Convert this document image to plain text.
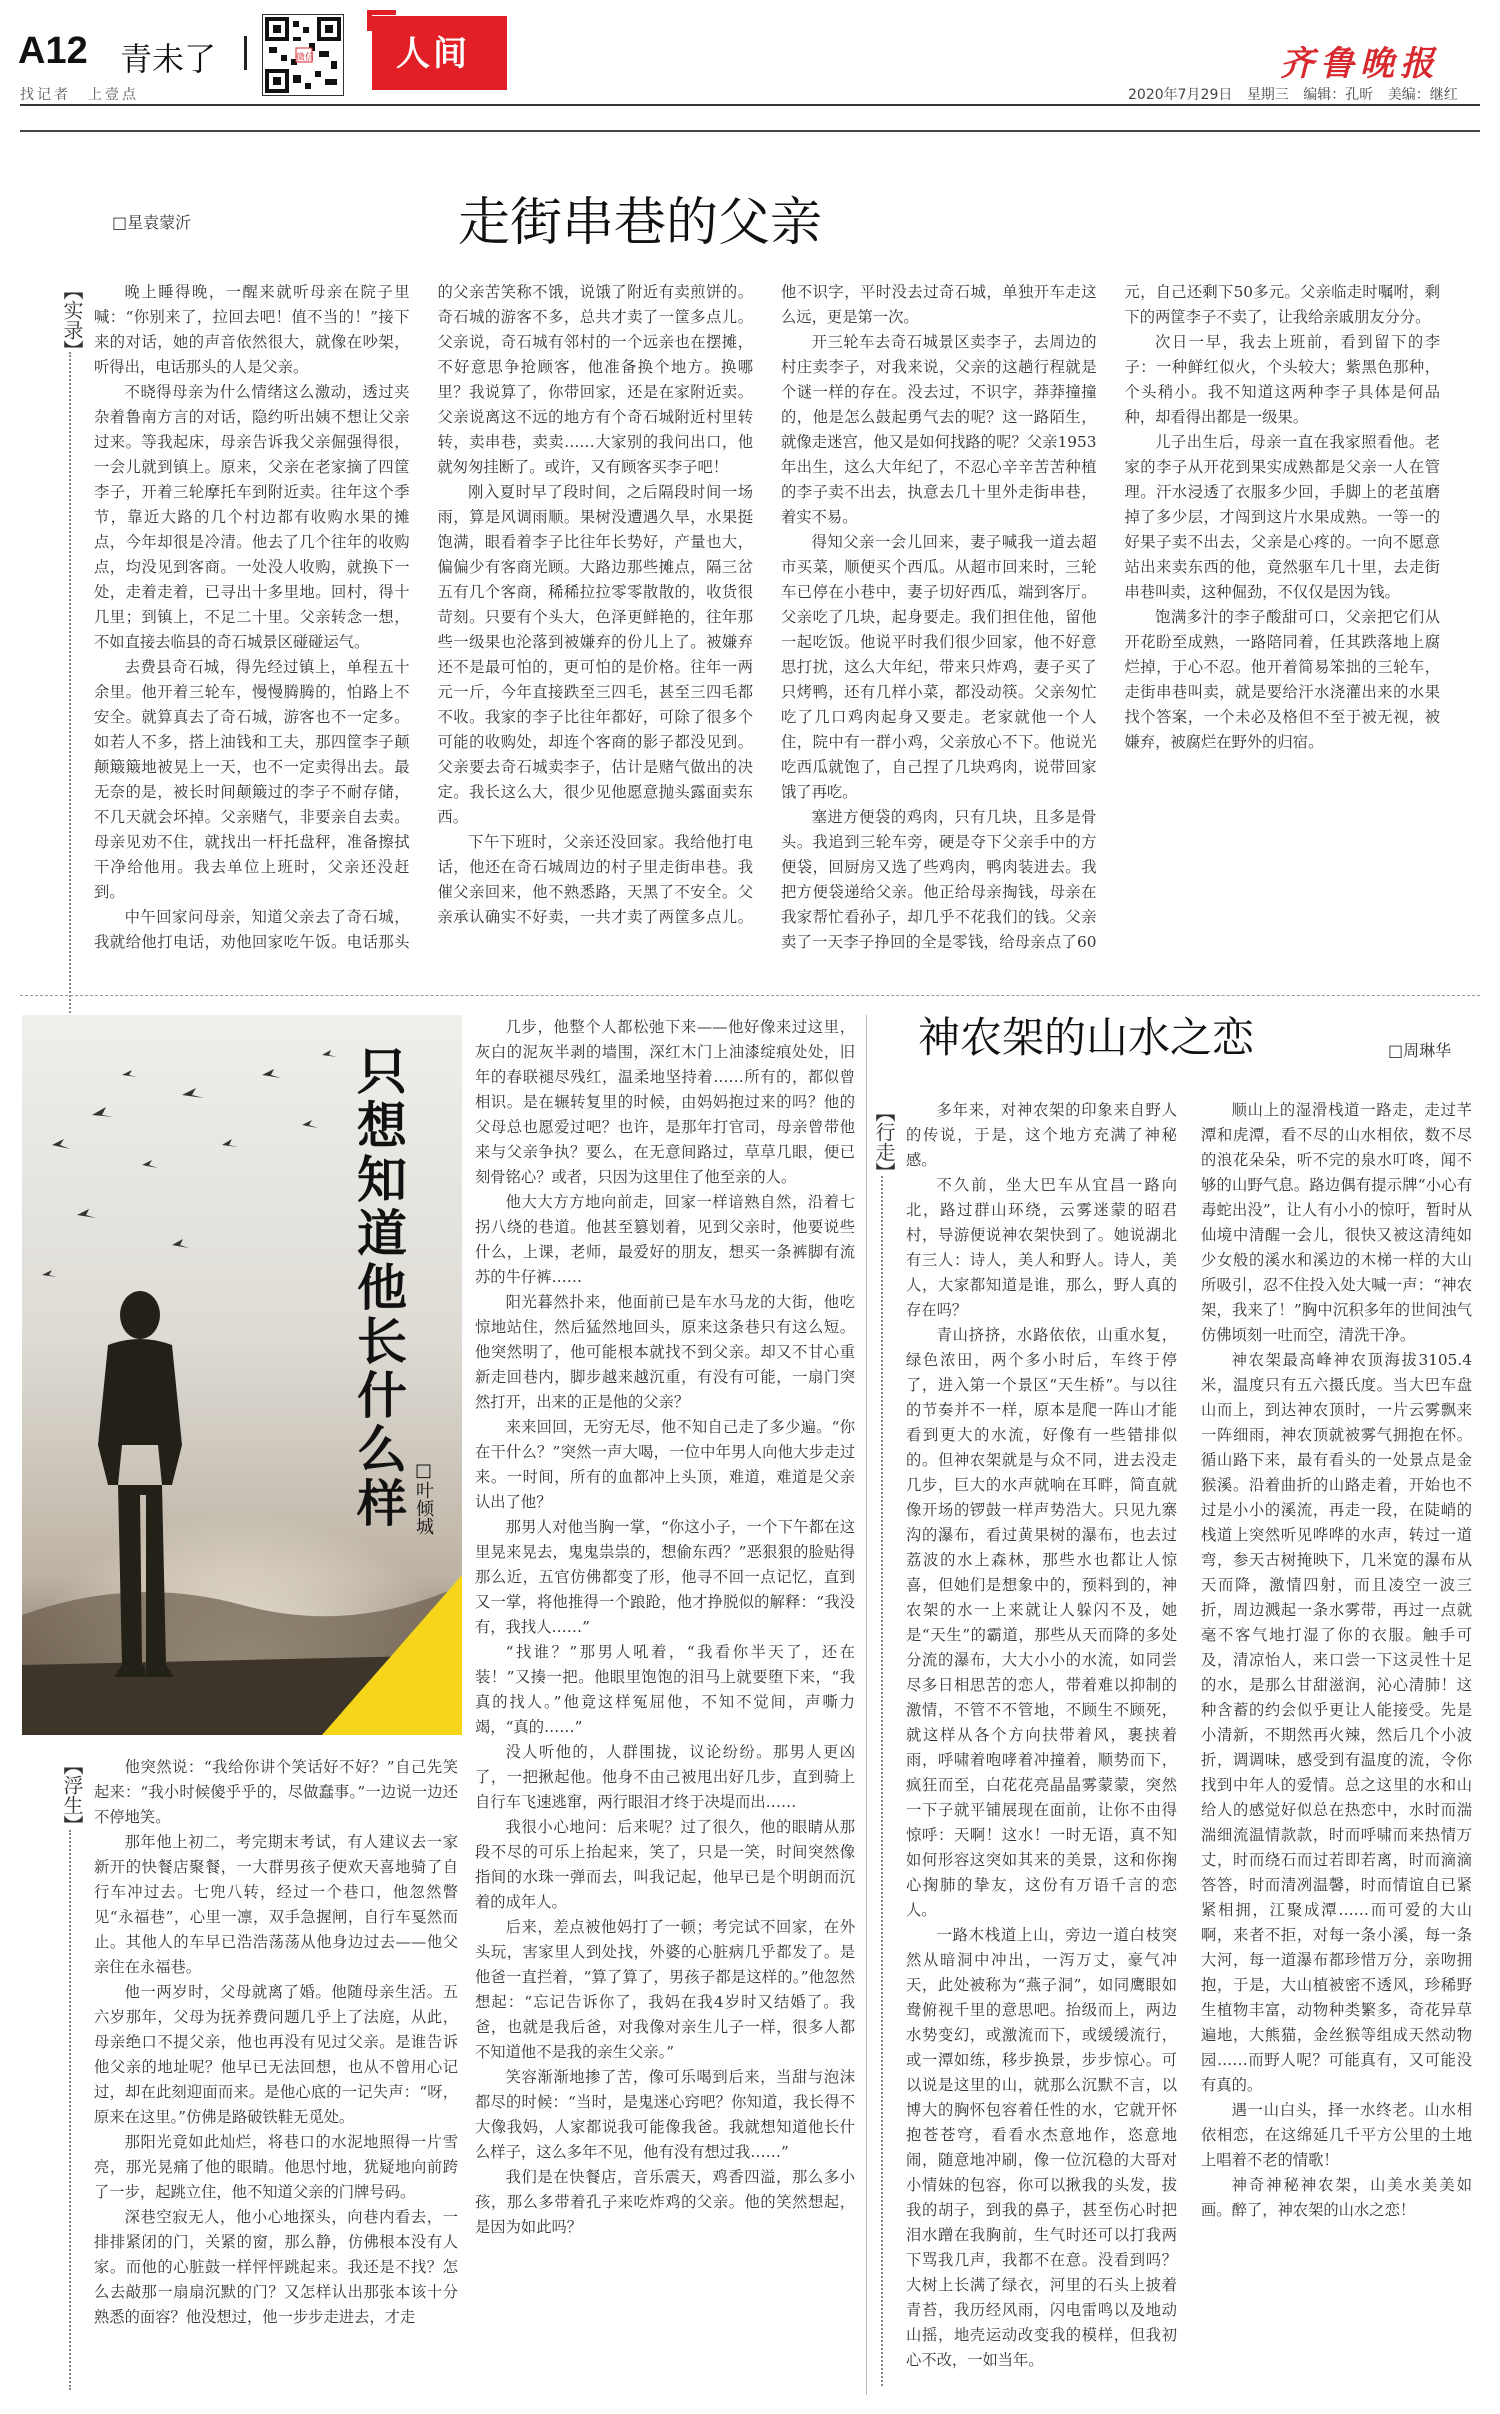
A12 青未了
找记者　上壹点
微信 人间	齐鲁晚报
2020年7月29日 星期三 编辑：孔昕 美编：继红
□星袁蒙沂	走街串巷的父亲
【实录】

晚上睡得晚，一醒来就听母亲在院子里喊：“你别来了，拉回去吧！值不当的！”接下来的对话，她的声音依然很大，就像在吵架，听得出，电话那头的人是父亲。

不晓得母亲为什么情绪这么激动，透过夹杂着鲁南方言的对话，隐约听出姨不想让父亲过来。等我起床，母亲告诉我父亲倔强得很，一会儿就到镇上。原来，父亲在老家摘了四筐李子，开着三轮摩托车到附近卖。往年这个季节，靠近大路的几个村边都有收购水果的摊点，今年却很是冷清。他去了几个往年的收购点，均没见到客商。一处没人收购，就换下一处，走着走着，已寻出十多里地。回村，得十几里；到镇上，不足二十里。父亲转念一想，不如直接去临县的奇石城景区碰碰运气。

去费县奇石城，得先经过镇上，单程五十余里。他开着三轮车，慢慢腾腾的，怕路上不安全。就算真去了奇石城，游客也不一定多。如若人不多，搭上油钱和工夫，那四筐李子颠颠簸簸地被晃上一天，也不一定卖得出去。最无奈的是，被长时间颠簸过的李子不耐存储，不几天就会坏掉。父亲赌气，非要亲自去卖。母亲见劝不住，就找出一杆托盘秤，准备擦拭干净给他用。我去单位上班时，父亲还没赶到。

中午回家问母亲，知道父亲去了奇石城，我就给他打电话，劝他回家吃午饭。电话那头的父亲苦笑称不饿，说饿了附近有卖煎饼的。奇石城的游客不多，总共才卖了一筐多点儿。父亲说，奇石城有邻村的一个远亲也在摆摊，不好意思争抢顾客，他准备换个地方。换哪里？我说算了，你带回家，还是在家附近卖。父亲说离这不远的地方有个奇石城附近村里转转，卖串巷，卖卖……大家别的我问出口，他就匆匆挂断了。或许，又有顾客买李子吧！

刚入夏时早了段时间，之后隔段时间一场雨，算是风调雨顺。果树没遭遇久旱，水果挺饱满，眼看着李子比往年长势好，产量也大，偏偏少有客商光顾。大路边那些摊点，隔三岔五有几个客商，稀稀拉拉零零散散的，收货很苛刻。只要有个头大，色泽更鲜艳的，往年那些一级果也沦落到被嫌弃的份儿上了。被嫌弃还不是最可怕的，更可怕的是价格。往年一两元一斤，今年直接跌至三四毛，甚至三四毛都不收。我家的李子比往年都好，可除了很多个可能的收购处，却连个客商的影子都没见到。父亲要去奇石城卖李子，估计是赌气做出的决定。我长这么大，很少见他愿意抛头露面卖东西。

下午下班时，父亲还没回家。我给他打电话，他还在奇石城周边的村子里走街串巷。我催父亲回来，他不熟悉路，天黑了不安全。父亲承认确实不好卖，一共才卖了两筐多点儿。他不识字，平时没去过奇石城，单独开车走这么远，更是第一次。

开三轮车去奇石城景区卖李子，去周边的村庄卖李子，对我来说，父亲的这趟行程就是个谜一样的存在。没去过，不识字，莽莽撞撞的，他是怎么鼓起勇气去的呢？这一路陌生，就像走迷宫，他又是如何找路的呢？父亲1953年出生，这么大年纪了，不忍心辛辛苦苦种植的李子卖不出去，执意去几十里外走街串巷，着实不易。

得知父亲一会儿回来，妻子喊我一道去超市买菜，顺便买个西瓜。从超市回来时，三轮车已停在小巷中，妻子切好西瓜，端到客厅。父亲吃了几块，起身要走。我们担住他，留他一起吃饭。他说平时我们很少回家，他不好意思打扰，这么大年纪，带来只炸鸡，妻子买了只烤鸭，还有几样小菜，都没动筷。父亲匆忙吃了几口鸡肉起身又要走。老家就他一个人住，院中有一群小鸡，父亲放心不下。他说光吃西瓜就饱了，自己捏了几块鸡肉，说带回家饿了再吃。

塞进方便袋的鸡肉，只有几块，且多是骨头。我追到三轮车旁，硬是夺下父亲手中的方便袋，回厨房又选了些鸡肉，鸭肉装进去。我把方便袋递给父亲。他正给母亲掏钱，母亲在我家帮忙看孙子，却几乎不花我们的钱。父亲卖了一天李子挣回的全是零钱，给母亲点了60元，自己还剩下50多元。父亲临走时嘱咐，剩下的两筐李子不卖了，让我给亲戚朋友分分。

次日一早，我去上班前，看到留下的李子：一种鲜红似火，个头较大；紫黑色那种，个头稍小。我不知道这两种李子具体是何品种，却看得出都是一级果。

儿子出生后，母亲一直在我家照看他。老家的李子从开花到果实成熟都是父亲一人在管理。汗水浸透了衣服多少回，手脚上的老茧磨掉了多少层，才闯到这片水果成熟。一等一的好果子卖不出去，父亲是心疼的。一向不愿意站出来卖东西的他，竟然驱车几十里，去走街串巷叫卖，这种倔劲，不仅仅是因为钱。

饱满多汁的李子酸甜可口，父亲把它们从开花盼至成熟，一路陪同着，任其跌落地上腐烂掉，于心不忍。他开着简易笨拙的三轮车，走街串巷叫卖，就是要给汗水浇灌出来的水果找个答案，一个未必及格但不至于被无视，被嫌弃，被腐烂在野外的归宿。

只想知道他长什么样 □叶倾城

几步，他整个人都松弛下来——他好像来过这里，灰白的泥灰半剥的墙围，深红木门上油漆绽痕处处，旧年的春联褪尽残红，温柔地坚持着……所有的，都似曾相识。是在辗转复里的时候，由妈妈抱过来的吗？他的父母总也愿爱过吧？也许，是那年打官司，母亲曾带他来与父亲争执？要么，在无意间路过，草草几眼，便已刻骨铭心？或者，只因为这里住了他至亲的人。

他大大方方地向前走，回家一样谙熟自然，沿着七拐八绕的巷道。他甚至篡划着，见到父亲时，他要说些什么，上课，老师，最爱好的朋友，想买一条裤脚有流苏的牛仔裤……

阳光暮然扑来，他面前已是车水马龙的大街，他吃惊地站住，然后猛然地回头，原来这条巷只有这么短。他突然明了，他可能根本就找不到父亲。却又不甘心重新走回巷内，脚步越来越沉重，有没有可能，一扇门突然打开，出来的正是他的父亲？

来来回回，无穷无尽，他不知自己走了多少遍。“你在干什么？”突然一声大喝，一位中年男人向他大步走过来。一时间，所有的血都冲上头顶，难道，难道是父亲认出了他？

那男人对他当胸一掌，“你这小子，一个下午都在这里晃来晃去，鬼鬼祟祟的，想偷东西？”恶狠狠的脸贴得那么近，五官仿佛都变了形，他寻不回一点记忆，直到又一掌，将他推得一个踉跄，他才挣脱似的解释：“我没有，我找人……”

“找谁？”那男人吼着，“我看你半天了，还在装！”又揍一把。他眼里饱饱的泪马上就要堕下来，“我真的找人。”他竟这样冤屈他，不知不觉间，声嘶力竭，“真的……”

没人听他的，人群围拢，议论纷纷。那男人更凶了，一把揪起他。他身不由己被甩出好几步，直到骑上自行车飞速逃窜，两行眼泪才终于决堤而出……

我很小心地问：后来呢？过了很久，他的眼睛从那段不尽的可乐上抬起来，笑了，只是一笑，时间突然像指间的水珠一弹而去，叫我记起，他早已是个明朗而沉着的成年人。

后来，差点被他妈打了一顿；考完试不回家，在外头玩，害家里人到处找，外婆的心脏病几乎都发了。是他爸一直拦着，“算了算了，男孩子都是这样的。”他忽然想起：“忘记告诉你了，我妈在我4岁时又结婚了。我爸，也就是我后爸，对我像对亲生儿子一样，很多人都不知道他不是我的亲生父亲。”

笑容渐渐地掺了苦，像可乐喝到后来，当甜与泡沫都尽的时候：“当时，是鬼迷心窍吧？你知道，我长得不大像我妈，人家都说我可能像我爸。我就想知道他长什么样子，这么多年不见，他有没有想过我……”

我们是在快餐店，音乐震天，鸡香四溢，那么多小孩，那么多带着孔子来吃炸鸡的父亲。他的笑然想起，是因为如此吗？

【浮生】

他突然说：“我给你讲个笑话好不好？”自己先笑起来：“我小时候傻乎乎的，尽做蠢事。”一边说一边还不停地笑。

那年他上初二，考完期末考试，有人建议去一家新开的快餐店聚餐，一大群男孩子便欢天喜地骑了自行车冲过去。七兜八转，经过一个巷口，他忽然瞥见“永福巷”，心里一凛，双手急握闸，自行车戛然而止。其他人的车早已浩浩荡荡从他身边过去——他父亲住在永福巷。

他一两岁时，父母就离了婚。他随母亲生活。五六岁那年，父母为抚养费问题几乎上了法庭，从此，母亲绝口不提父亲，他也再没有见过父亲。是谁告诉他父亲的地址呢？他早已无法回想，也从不曾用心记过，却在此刻迎面而来。是他心底的一记失声：“呀，原来在这里。”仿佛是路破铁鞋无觅处。

那阳光竟如此灿烂，将巷口的水泥地照得一片雪亮，那光晃痛了他的眼睛。他思忖地，犹疑地向前跨了一步，起跳立住，他不知道父亲的门牌号码。

深巷空寂无人，他小心地探头，向巷内看去，一排排紧闭的门，关紧的窗，那么静，仿佛根本没有人家。而他的心脏鼓一样怦怦跳起来。我还是不找？怎么去敲那一扇扇沉默的门？又怎样认出那张本该十分熟悉的面容？他没想过，他一步步走进去，才走

神农架的山水之恋	□周琳华
【行走】

多年来，对神农架的印象来自野人的传说，于是，这个地方充满了神秘感。

不久前，坐大巴车从宜昌一路向北，路过群山环绕，云雾迷蒙的昭君村，导游便说神农架快到了。她说湖北有三人：诗人，美人和野人。诗人，美人，大家都知道是谁，那么，野人真的存在吗？

青山挤挤，水路依依，山重水复，绿色浓田，两个多小时后，车终于停了，进入第一个景区“天生桥”。与以往的节奏并不一样，原本是爬一阵山才能看到更大的水流，好像有一些错排似的。但神农架就是与众不同，进去没走几步，巨大的水声就响在耳畔，简直就像开场的锣鼓一样声势浩大。只见九寨沟的瀑布，看过黄果树的瀑布，也去过荔波的水上森林，那些水也都让人惊喜，但她们是想象中的，预料到的，神农架的水一上来就让人躲闪不及，她是“天生”的霸道，那些从天而降的多处分流的瀑布，大大小小的水流，如同尝尽多日相思苦的恋人，带着难以抑制的激情，不管不不管地，不顾生不顾死，就这样从各个方向扶带着风，裹挟着雨，呼啸着咆哮着冲撞着，顺势而下，疯狂而至，白花花亮晶晶雾蒙蒙，突然一下子就平铺展现在面前，让你不由得惊呼：天啊！这水！一时无语，真不知如何形容这突如其来的美景，这和你掬心掬肺的挚友，这份有万语千言的恋人。

一路木栈道上山，旁边一道白枝突然从暗洞中冲出，一泻万丈，豪气冲天，此处被称为“燕子洞”，如同鹰眼如鸯俯视千里的意思吧。抬级而上，两边水势变幻，或激流而下，或缓缓流行，或一潭如练，移步换景，步步惊心。可以说是这里的山，就那么沉默不言，以博大的胸怀包容着任性的水，它就开怀抱苍苍穹，看看水杰意地作，恣意地闹，随意地冲刷，像一位沉稳的大哥对小情妹的包容，你可以揪我的头发，拔我的胡子，到我的鼻子，甚至伤心时把泪水蹭在我胸前，生气时还可以打我两下骂我几声，我都不在意。没看到吗？大树上长满了绿衣，河里的石头上披着青苔，我历经风雨，闪电雷鸣以及地动山摇，地壳运动改变我的模样，但我初心不改，一如当年。

顺山上的湿滑栈道一路走，走过芊潭和虎潭，看不尽的山水相依，数不尽的浪花朵朵，听不完的泉水叮咚，闻不够的山野气息。路边偶有提示牌“小心有毒蛇出没”，让人有小小的惊吁，暂时从仙境中清醒一会儿，很快又被这清纯如少女般的溪水和溪边的木梯一样的大山所吸引，忍不住投入处大喊一声：“神农架，我来了！”胸中沉积多年的世间浊气仿佛顷刻一吐而空，清洗干净。

神农架最高峰神农顶海拔3105.4米，温度只有五六摄氏度。当大巴车盘山而上，到达神农顶时，一片云雾飘来一阵细雨，神农顶就被雾气拥抱在怀。循山路下来，最有看头的一处景点是金猴溪。沿着曲折的山路走着，开始也不过是小小的溪流，再走一段，在陡峭的栈道上突然听见哗哗的水声，转过一道弯，参天古树掩映下，几米宽的瀑布从天而降，激情四射，而且凌空一波三折，周边溅起一条水雾带，再过一点就毫不客气地打湿了你的衣服。触手可及，清凉怡人，来口尝一下这灵性十足的水，是那么甘甜滋润，沁心清肺！这种含蓄的约会似乎更让人能接受。先是小清新，不期然再火辣，然后几个小波折，调调味，感受到有温度的流，令你找到中年人的爱情。总之这里的水和山给人的感觉好似总在热恋中，水时而湍湍细流温情款款，时而呼啸而来热情万丈，时而绕石而过若即若离，时而滴滴答答，时而清冽温馨，时而情谊自已紧紧相拥，江聚成潭……而可爱的大山啊，来者不拒，对每一条小溪，每一条大河，每一道瀑布都珍惜万分，亲吻拥抱，于是，大山植被密不透风，珍稀野生植物丰富，动物种类繁多，奇花异草遍地，大熊猫，金丝猴等组成天然动物园……而野人呢？可能真有，又可能没有真的。

遇一山白头，择一水终老。山水相依相恋，在这绵延几千平方公里的土地上唱着不老的情歌！

神奇神秘神农架，山美水美美如画。醉了，神农架的山水之恋！
